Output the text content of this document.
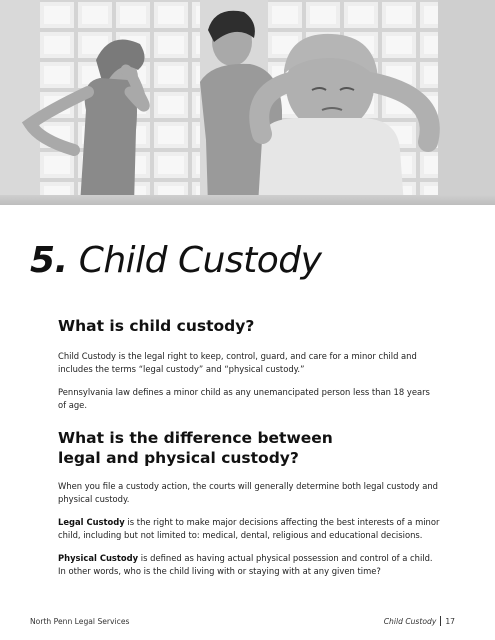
5. Child Custody
What is child custody?

Child Custody is the legal right to keep, control, guard, and care for a minor child and includes the terms “legal custody” and “physical custody.”

Pennsylvania law defines a minor child as any unemancipated person less than 18 years of age.

What is the difference between
legal and physical custody?

When you file a custody action, the courts will generally determine both legal custody and physical custody.

Legal Custody is the right to make major decisions affecting the best interests of a minor child, including but not limited to: medical, dental, religious and educational decisions.

Physical Custody is defined as having actual physical possession and control of a child. In other words, who is the child living with or staying with at any given time?

North Penn Legal Services	Child Custody 17
